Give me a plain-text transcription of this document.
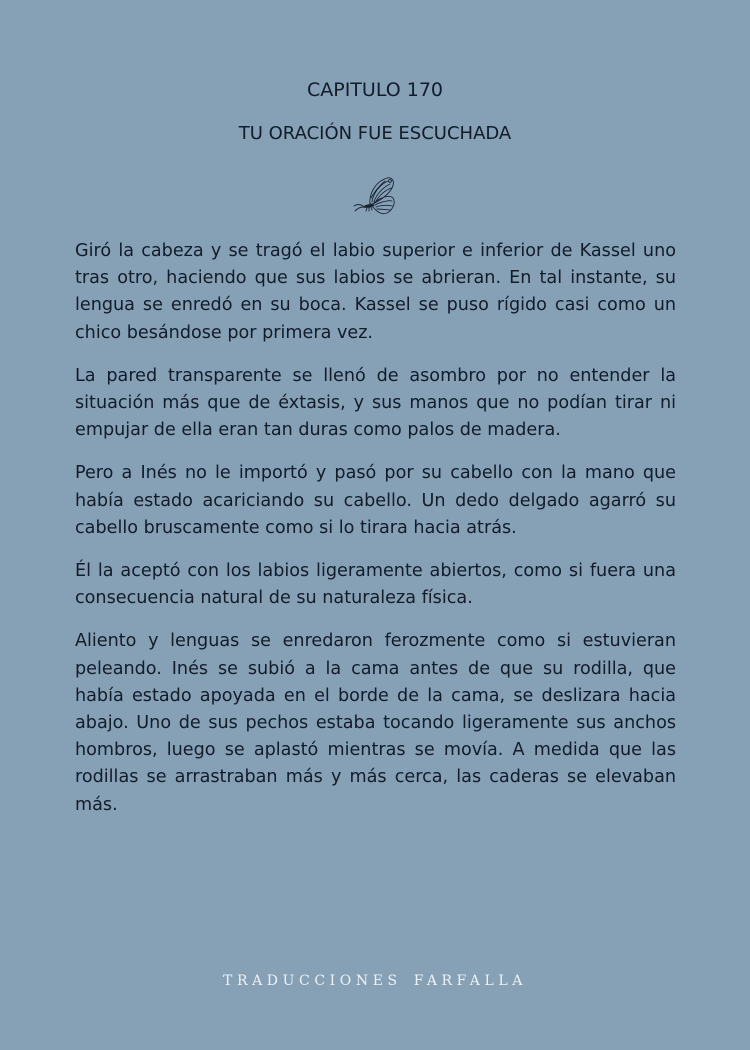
CAPITULO 170
TU ORACIÓN FUE ESCUCHADA

Giró la cabeza y se tragó el labio superior e inferior de Kassel uno tras otro, haciendo que sus labios se abrieran. En tal instante, su lengua se enredó en su boca. Kassel se puso rígido casi como un chico besándose por primera vez.

La pared transparente se llenó de asombro por no entender la situación más que de éxtasis, y sus manos que no podían tirar ni empujar de ella eran tan duras como palos de madera.

Pero a Inés no le importó y pasó por su cabello con la mano que había estado acariciando su cabello. Un dedo delgado agarró su cabello bruscamente como si lo tirara hacia atrás.

Él la aceptó con los labios ligeramente abiertos, como si fuera una consecuencia natural de su naturaleza física.

Aliento y lenguas se enredaron ferozmente como si estuvieran peleando. Inés se subió a la cama antes de que su rodilla, que había estado apoyada en el borde de la cama, se deslizara hacia abajo. Uno de sus pechos estaba tocando ligeramente sus anchos hombros, luego se aplastó mientras se movía. A medida que las rodillas se arrastraban más y más cerca, las caderas se elevaban más.

TRADUCCIONES FARFALLA
